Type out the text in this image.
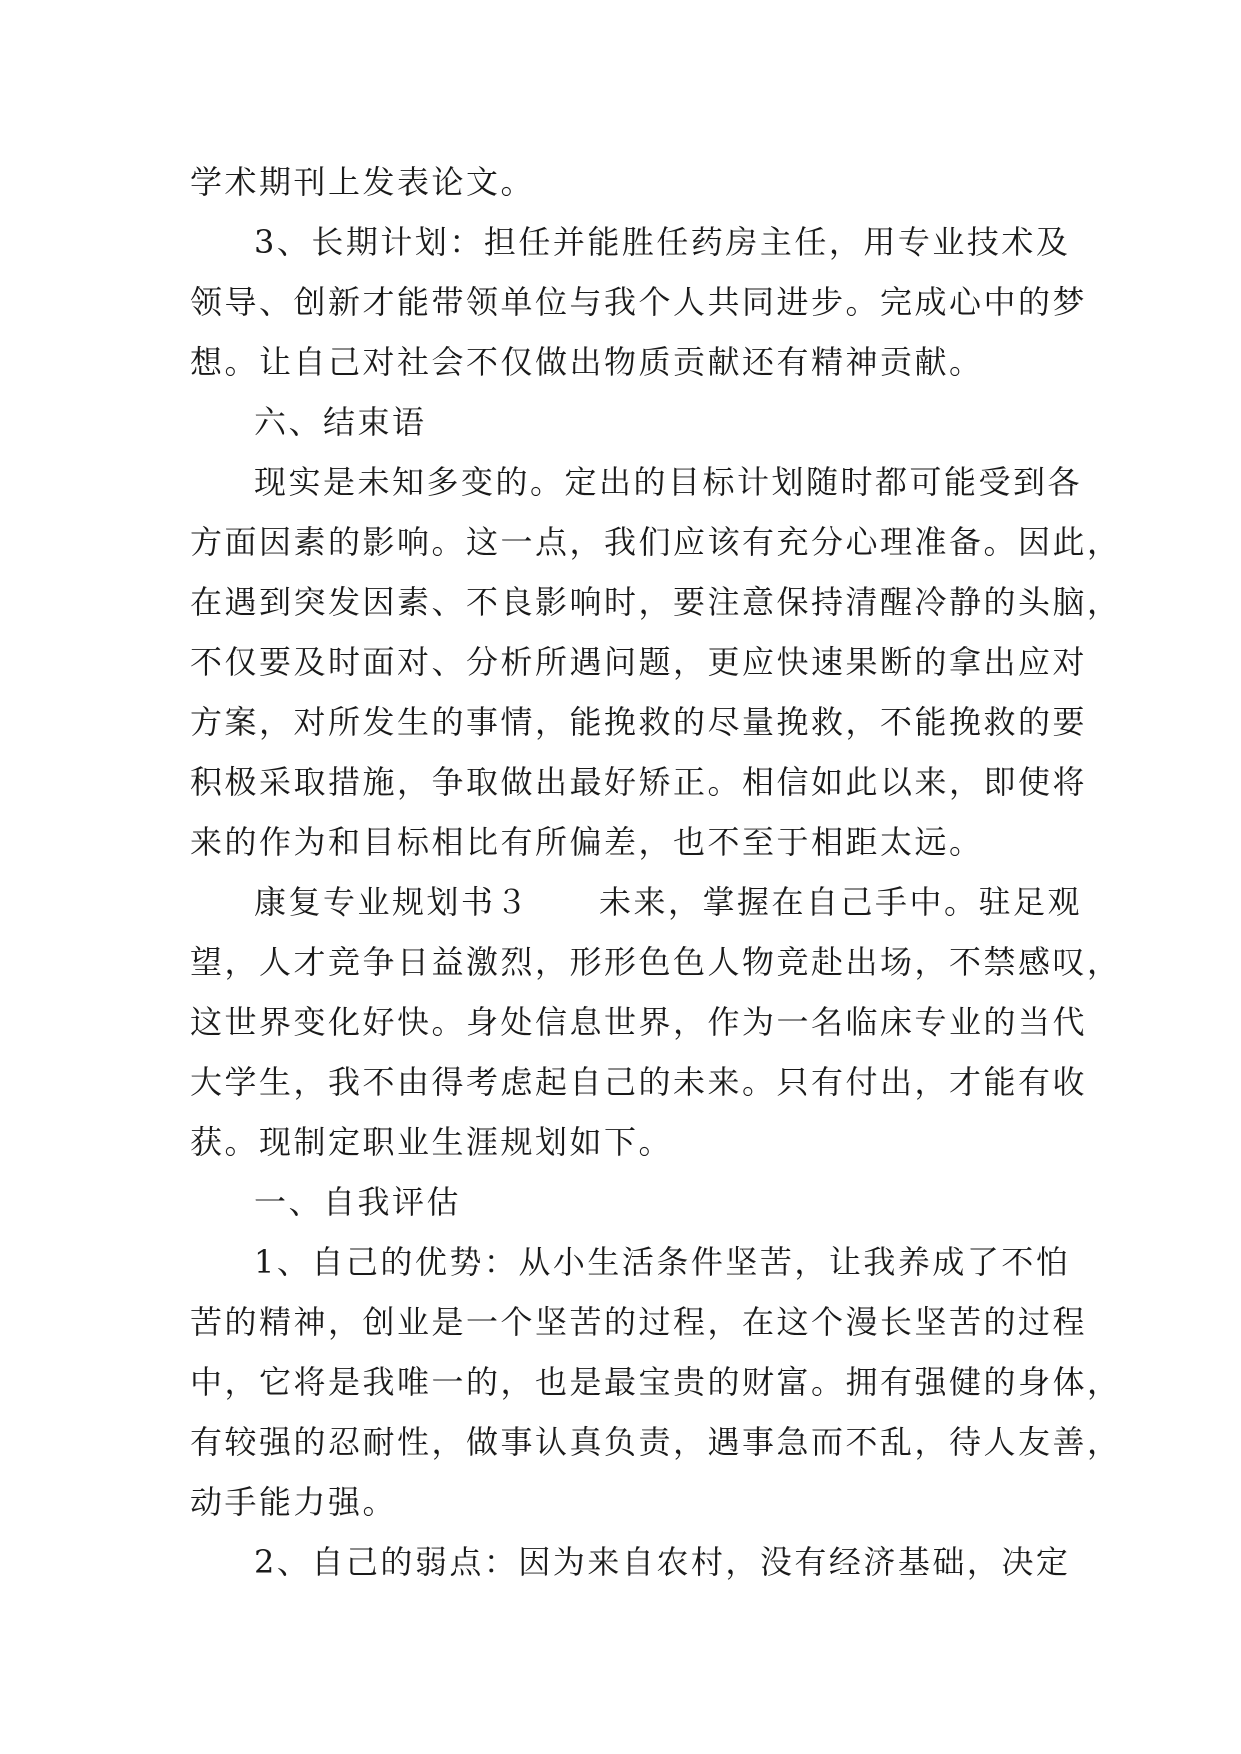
学术期刊上发表论文。
3、长期计划：担任并能胜任药房主任，用专业技术及
领导、创新才能带领单位与我个人共同进步。完成心中的梦
想。让自己对社会不仅做出物质贡献还有精神贡献。
六、结束语
现实是未知多变的。定出的目标计划随时都可能受到各
方面因素的影响。这一点，我们应该有充分心理准备。因此，
在遇到突发因素、不良影响时，要注意保持清醒冷静的头脑，
不仅要及时面对、分析所遇问题，更应快速果断的拿出应对
方案，对所发生的事情，能挽救的尽量挽救，不能挽救的要
积极采取措施，争取做出最好矫正。相信如此以来，即使将
来的作为和目标相比有所偏差，也不至于相距太远。
康复专业规划书３　　未来，掌握在自己手中。驻足观
望，人才竞争日益激烈，形形色色人物竞赴出场，不禁感叹，
这世界变化好快。身处信息世界，作为一名临床专业的当代
大学生，我不由得考虑起自己的未来。只有付出，才能有收
获。现制定职业生涯规划如下。
一、自我评估
1、自己的优势：从小生活条件坚苦，让我养成了不怕
苦的精神，创业是一个坚苦的过程，在这个漫长坚苦的过程
中，它将是我唯一的，也是最宝贵的财富。拥有强健的身体，
有较强的忍耐性，做事认真负责，遇事急而不乱，待人友善，
动手能力强。
2、自己的弱点：因为来自农村，没有经济基础，决定
